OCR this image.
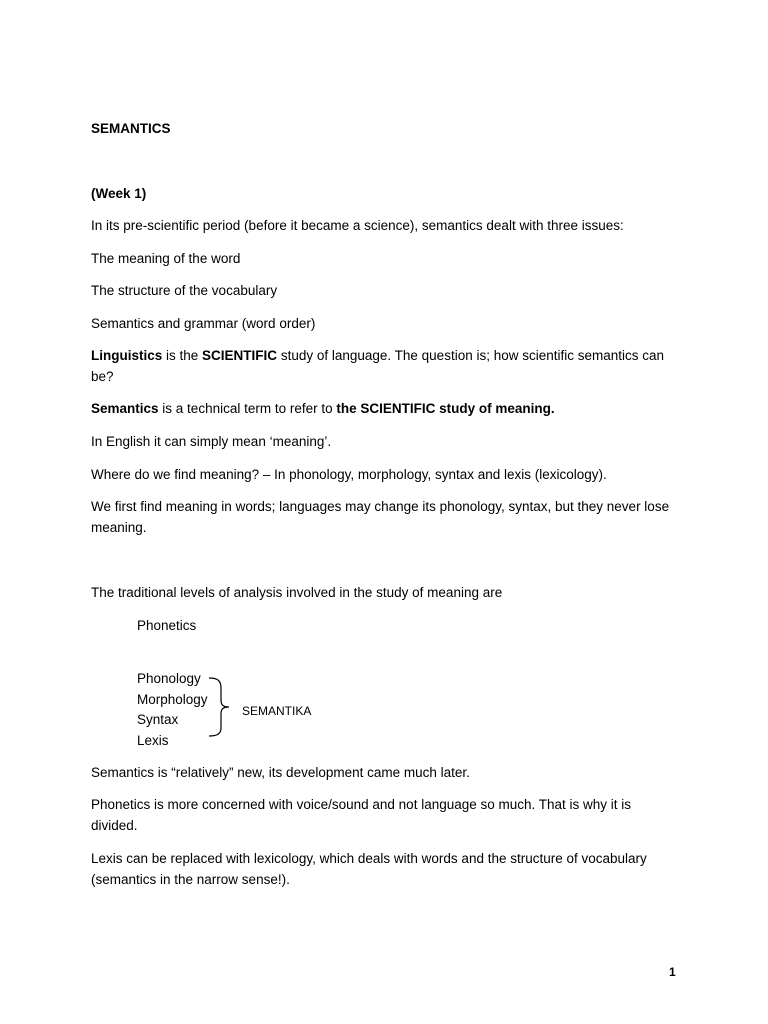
SEMANTICS
(Week 1)
In its pre-scientific period (before it became a science), semantics dealt with three issues:
The meaning of the word
The structure of the vocabulary
Semantics and grammar (word order)
Linguistics is the SCIENTIFIC study of language. The question is; how scientific semantics can be?
Semantics is a technical term to refer to the SCIENTIFIC study of meaning.
In English it can simply mean ‘meaning’.
Where do we find meaning? – In phonology, morphology, syntax and lexis (lexicology).
We first find meaning in words; languages may change its phonology, syntax, but they never lose meaning.
The traditional levels of analysis involved in the study of meaning are
Phonetics
Phonology
Morphology
Syntax
Lexis
SEMANTIKA
Semantics is “relatively” new, its development came much later.
Phonetics is more concerned with voice/sound and not language so much. That is why it is divided.
Lexis can be replaced with lexicology, which deals with words and the structure of vocabulary (semantics in the narrow sense!).
1
